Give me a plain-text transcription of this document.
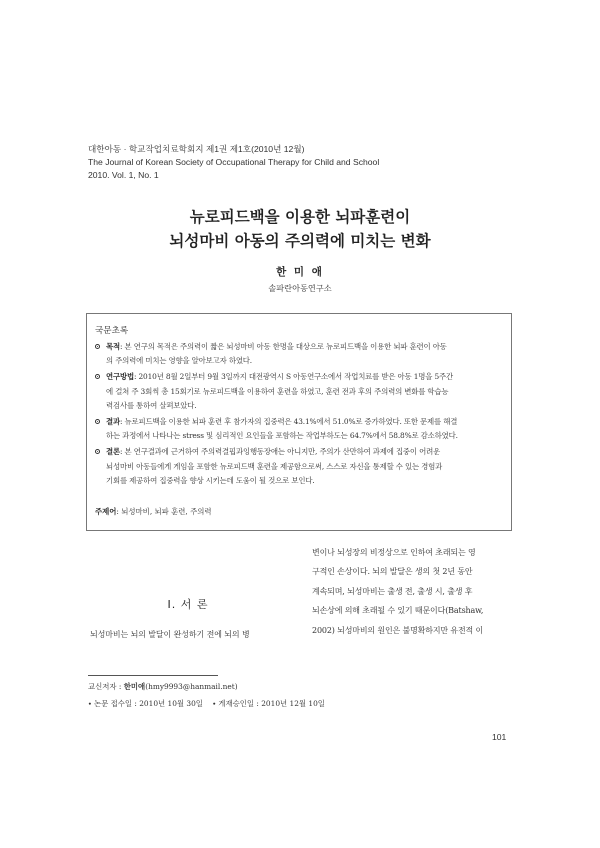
대한아동 · 학교작업치료학회지 제1권 제1호(2010년 12월)
The Journal of Korean Society of Occupational Therapy for Child and School
2010. Vol. 1, No. 1
뉴로피드백을 이용한 뇌파훈련이
뇌성마비 아동의 주의력에 미치는 변화
한 미 애
솔파란아동연구소
국문초록
목적: 본 연구의 목적은 주의력이 짧은 뇌성마비 아동 한명을 대상으로 뉴로피드백을 이용한 뇌파 훈련이 아동
의 주의력에 미치는 영향을 알아보고자 하였다.
연구방법: 2010년 8월 2일부터 9월 3일까지 대전광역시 S 아동연구소에서 작업치료를 받은 아동 1명을 5주간
에 걸쳐 주 3회씩 총 15회기로 뉴로피드백을 이용하여 훈련을 하였고, 훈련 전과 후의 주의력의 변화를 학습능
력검사를 통하여 살펴보았다.
결과: 뉴로피드백을 이용한 뇌파 훈련 후 참가자의 집중력은 43.1%에서 51.0%로 증가하였다. 또한 문제를 해결
하는 과정에서 나타나는 stress 및 심리적인 요인들을 포함하는 작업부하도는 64.7%에서 58.8%로 감소하였다.
결론: 본 연구결과에 근거하여 주의력결핍과잉행동장애는 아니지만, 주의가 산만하여 과제에 집중이 어려운
뇌성마비 아동들에게 게임을 포함한 뉴로피드백 훈련을 제공함으로써, 스스로 자신을 통제할 수 있는 경험과
기회를 제공하여 집중력을 향상 시키는데 도움이 될 것으로 보인다.
주제어: 뇌성마비, 뇌파 훈련, 주의력
I. 서 론
뇌성마비는 뇌의 발달이 완성하기 전에 뇌의 병
변이나 뇌성장의 비정상으로 인하여 초래되는 영
구적인 손상이다. 뇌의 발달은 생의 첫 2년 동안
계속되며, 뇌성마비는 출생 전, 출생 시, 출생 후
뇌손상에 의해 초래될 수 있기 때문이다(Batshaw,
2002) 뇌성마비의 원인은 불명확하지만 유전적 이
교신저자 : 한미애(hmy9993@hanmail.net)
∙ 논문 접수일 : 2010년 10월 30일 ∙ 게재승인일 : 2010년 12월 10일
101
